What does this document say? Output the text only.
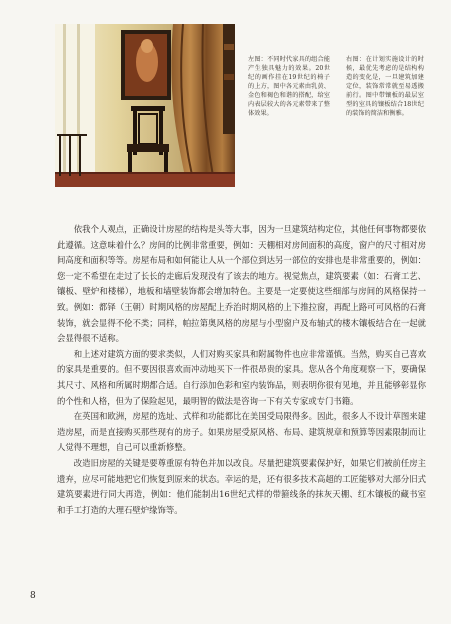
左图：不同时代家具的组合能产生独具魅力的效果。20世纪的画作挂在19世纪的椅子的上方，图中各元素由乳黄、金色和褐色和谐的搭配，给室内表层较大的各元素带来了整体效果。
右图：在计划实施设计的时候，最优先考虑的是结构构造的变化是，一旦建筑加建定位，装饰常常就至易透搬前行。图中带镶板的最层室型的室具的镶板结合18世纪的装饰的简洁和衡雅。

依我个人观点，正确设计房屋的结构是头等大事，因为一旦建筑结构定位，其他任何事物都要依此遵循。这意味着什么？房间的比例非常重要，例如：天棚相对房间面积的高度，窗户的尺寸相对房间高度和面积等等。房屋布局和如何能让人从一个部位到达另一部位的安排也是非常重要的，例如：您一定不希望在走过了长长的走廊后发现没有了该去的地方。视觉焦点，建筑要素（如：石膏工艺、镶板、壁炉和楼梯），地板和墙壁装饰都会增加特色。主要是一定要使这些细部与房间的风格保持一致。例如：都铎（王朝）时期风格的房屋配上乔治时期风格的上下推拉窗，再配上路可可风格的石膏装饰，就会显得不伦不类；同样，帕拉第奥风格的房屋与小型窗户及布轴式的楼木镶板结合在一起就会显得很不适称。

和上述对建筑方面的要求类似，人们对购买家具和附属物件也应非常谨慎。当然，购买自己喜欢的家具是重要的。但不要因很喜欢而冲动地买下一件很昂贵的家具。您从各个角度观察一下，要确保其尺寸、风格和所属时期都合适。自行添加色彩和室内装饰品，则表明你很有见地，并且能够彰显你的个性和人格，但为了保险起见，最明智的做法是咨询一下有关专家或专门书籍。

在英国和欧洲，房屋的选址、式样和功能都比在美国受局限得多。因此，很多人不设计草图来建造房屋，而是直接购买那些现有的房子。如果房屋受原风格、布局、建筑规章和预算等因素限制而让人觉得不理想，自己可以重新修整。

改造旧房屋的关键是要尊重原有特色并加以改良。尽量把建筑要素保护好，如果它们被前任房主遗弃，应尽可能地把它们恢复到原来的状态。幸运的是，还有很多技术高超的工匠能够对大部分旧式建筑要素进行同大再造，例如：他们能制出16世纪式样的带箍线条的抹灰天棚、红木镶板的藏书室和手工打造的大理石壁炉缘饰等。

8
